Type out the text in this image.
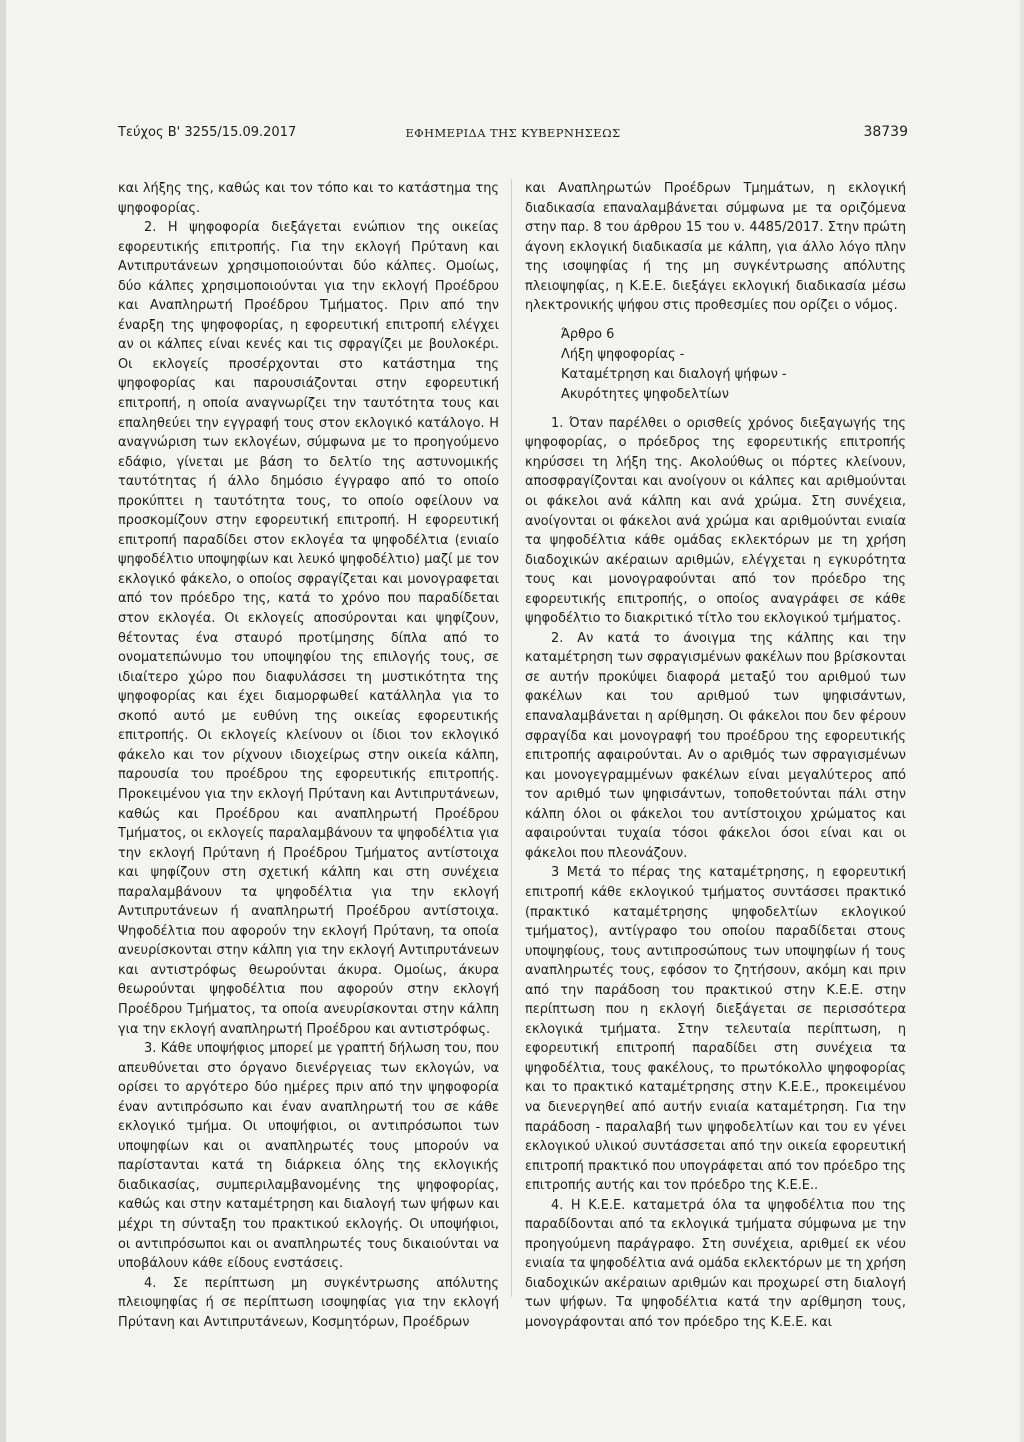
Τεύχος Β' 3255/15.09.2017	ΕΦΗΜΕΡΙΔΑ ΤΗΣ ΚΥΒΕΡΝΗΣΕΩΣ	38739

και λήξης της, καθώς και τον τόπο και το κατάστημα της ψηφοφορίας.

2. Η ψηφοφορία διεξάγεται ενώπιον της οικείας εφορευτικής επιτροπής. Για την εκλογή Πρύτανη και Αντιπρυτάνεων χρησιμοποιούνται δύο κάλπες. Ομοίως, δύο κάλπες χρησιμοποιούνται για την εκλογή Προέδρου και Αναπληρωτή Προέδρου Τμήματος. Πριν από την έναρξη της ψηφοφορίας, η εφορευτική επιτροπή ελέγχει αν οι κάλπες είναι κενές και τις σφραγίζει με βουλοκέρι. Οι εκλογείς προσέρχονται στο κατάστημα της ψηφοφορίας και παρουσιάζονται στην εφορευτική επιτροπή, η οποία αναγνωρίζει την ταυτότητα τους και επαληθεύει την εγγραφή τους στον εκλογικό κατάλογο. Η αναγνώριση των εκλογέων, σύμφωνα με το προηγούμενο εδάφιο, γίνεται με βάση το δελτίο της αστυνομικής ταυτότητας ή άλλο δημόσιο έγγραφο από το οποίο προκύπτει η ταυτότητα τους, το οποίο οφείλουν να προσκομίζουν στην εφορευτική επιτροπή. Η εφορευτική επιτροπή παραδίδει στον εκλογέα τα ψηφοδέλτια (ενιαίο ψηφοδέλτιο υποψηφίων και λευκό ψηφοδέλτιο) μαζί με τον εκλογικό φάκελο, ο οποίος σφραγίζεται και μονογραφεται από τον πρόεδρο της, κατά το χρόνο που παραδίδεται στον εκλογέα. Οι εκλογείς αποσύρονται και ψηφίζουν, θέτοντας ένα σταυρό προτίμησης δίπλα από το ονοματεπώνυμο του υποψηφίου της επιλογής τους, σε ιδιαίτερο χώρο που διαφυλάσσει τη μυστικότητα της ψηφοφορίας και έχει διαμορφωθεί κατάλληλα για το σκοπό αυτό με ευθύνη της οικείας εφορευτικής επιτροπής. Οι εκλογείς κλείνουν οι ίδιοι τον εκλογικό φάκελο και τον ρίχνουν ιδιοχείρως στην οικεία κάλπη, παρουσία του προέδρου της εφορευτικής επιτροπής. Προκειμένου για την εκλογή Πρύτανη και Αντιπρυτάνεων, καθώς και Προέδρου και αναπληρωτή Προέδρου Τμήματος, οι εκλογείς παραλαμβάνουν τα ψηφοδέλτια για την εκλογή Πρύτανη ή Προέδρου Τμήματος αντίστοιχα και ψηφίζουν στη σχετική κάλπη και στη συνέχεια παραλαμβάνουν τα ψηφοδέλτια για την εκλογή Αντιπρυτάνεων ή αναπληρωτή Προέδρου αντίστοιχα. Ψηφοδέλτια που αφορούν την εκλογή Πρύτανη, τα οποία ανευρίσκονται στην κάλπη για την εκλογή Αντιπρυτάνεων και αντιστρόφως θεωρούνται άκυρα. Ομοίως, άκυρα θεωρούνται ψηφοδέλτια που αφορούν στην εκλογή Προέδρου Τμήματος, τα οποία ανευρίσκονται στην κάλπη για την εκλογή αναπληρωτή Προέδρου και αντιστρόφως.

3. Κάθε υποψήφιος μπορεί με γραπτή δήλωση του, που απευθύνεται στο όργανο διενέργειας των εκλογών, να ορίσει το αργότερο δύο ημέρες πριν από την ψηφοφορία έναν αντιπρόσωπο και έναν αναπληρωτή του σε κάθε εκλογικό τμήμα. Οι υποψήφιοι, οι αντιπρόσωποι των υποψηφίων και οι αναπληρωτές τους μπορούν να παρίστανται κατά τη διάρκεια όλης της εκλογικής διαδικασίας, συμπεριλαμβανομένης της ψηφοφορίας, καθώς και στην καταμέτρηση και διαλογή των ψήφων και μέχρι τη σύνταξη του πρακτικού εκλογής. Οι υποψήφιοι, οι αντιπρόσωποι και οι αναπληρωτές τους δικαιούνται να υποβάλουν κάθε είδους ενστάσεις.

4. Σε περίπτωση μη συγκέντρωσης απόλυτης πλειοψηφίας ή σε περίπτωση ισοψηφίας για την εκλογή Πρύτανη και Αντιπρυτάνεων, Κοσμητόρων, Προέδρων

και Αναπληρωτών Προέδρων Τμημάτων, η εκλογική διαδικασία επαναλαμβάνεται σύμφωνα με τα οριζόμενα στην παρ. 8 του άρθρου 15 του ν. 4485/2017. Στην πρώτη άγονη εκλογική διαδικασία με κάλπη, για άλλο λόγο πλην της ισοψηφίας ή της μη συγκέντρωσης απόλυτης πλειοψηφίας, η Κ.Ε.Ε. διεξάγει εκλογική διαδικασία μέσω ηλεκτρονικής ψήφου στις προθεσμίες που ορίζει ο νόμος.

Άρθρο 6
Λήξη ψηφοφορίας -
Καταμέτρηση και διαλογή ψήφων -
Ακυρότητες ψηφοδελτίων

1. Όταν παρέλθει ο ορισθείς χρόνος διεξαγωγής της ψηφοφορίας, ο πρόεδρος της εφορευτικής επιτροπής κηρύσσει τη λήξη της. Ακολούθως οι πόρτες κλείνουν, αποσφραγίζονται και ανοίγουν οι κάλπες και αριθμούνται οι φάκελοι ανά κάλπη και ανά χρώμα. Στη συνέχεια, ανοίγονται οι φάκελοι ανά χρώμα και αριθμούνται ενιαία τα ψηφοδέλτια κάθε ομάδας εκλεκτόρων με τη χρήση διαδοχικών ακέραιων αριθμών, ελέγχεται η εγκυρότητα τους και μονογραφούνται από τον πρόεδρο της εφορευτικής επιτροπής, ο οποίος αναγράφει σε κάθε ψηφοδέλτιο το διακριτικό τίτλο του εκλογικού τμήματος.

2. Αν κατά το άνοιγμα της κάλπης και την καταμέτρηση των σφραγισμένων φακέλων που βρίσκονται σε αυτήν προκύψει διαφορά μεταξύ του αριθμού των φακέλων και του αριθμού των ψηφισάντων, επαναλαμβάνεται η αρίθμηση. Οι φάκελοι που δεν φέρουν σφραγίδα και μονογραφή του προέδρου της εφορευτικής επιτροπής αφαιρούνται. Αν ο αριθμός των σφραγισμένων και μονογεγραμμένων φακέλων είναι μεγαλύτερος από τον αριθμό των ψηφισάντων, τοποθετούνται πάλι στην κάλπη όλοι οι φάκελοι του αντίστοιχου χρώματος και αφαιρούνται τυχαία τόσοι φάκελοι όσοι είναι και οι φάκελοι που πλεονάζουν.

3 Μετά το πέρας της καταμέτρησης, η εφορευτική επιτροπή κάθε εκλογικού τμήματος συντάσσει πρακτικό (πρακτικό καταμέτρησης ψηφοδελτίων εκλογικού τμήματος), αντίγραφο του οποίου παραδίδεται στους υποψηφίους, τους αντιπροσώπους των υποψηφίων ή τους αναπληρωτές τους, εφόσον το ζητήσουν, ακόμη και πριν από την παράδοση του πρακτικού στην Κ.Ε.Ε. στην περίπτωση που η εκλογή διεξάγεται σε περισσότερα εκλογικά τμήματα. Στην τελευταία περίπτωση, η εφορευτική επιτροπή παραδίδει στη συνέχεια τα ψηφοδέλτια, τους φακέλους, το πρωτόκολλο ψηφοφορίας και το πρακτικό καταμέτρησης στην Κ.Ε.Ε., προκειμένου να διενεργηθεί από αυτήν ενιαία καταμέτρηση. Για την παράδοση - παραλαβή των ψηφοδελτίων και του εν γένει εκλογικού υλικού συντάσσεται από την οικεία εφορευτική επιτροπή πρακτικό που υπογράφεται από τον πρόεδρο της επιτροπής αυτής και τον πρόεδρο της Κ.Ε.Ε..

4. Η Κ.Ε.Ε. καταμετρά όλα τα ψηφοδέλτια που της παραδίδονται από τα εκλογικά τμήματα σύμφωνα με την προηγούμενη παράγραφο. Στη συνέχεια, αριθμεί εκ νέου ενιαία τα ψηφοδέλτια ανά ομάδα εκλεκτόρων με τη χρήση διαδοχικών ακέραιων αριθμών και προχωρεί στη διαλογή των ψήφων. Τα ψηφοδέλτια κατά την αρίθμηση τους, μονογράφονται από τον πρόεδρο της Κ.Ε.Ε. και
